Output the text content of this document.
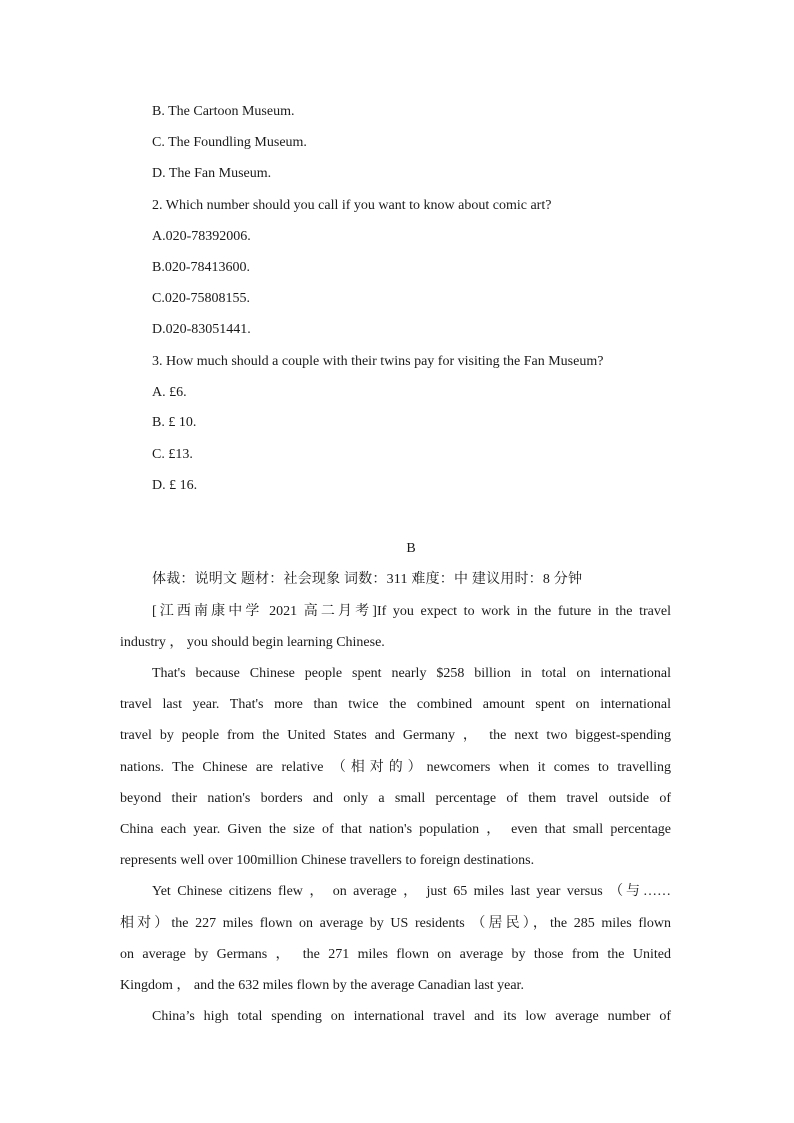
B. The Cartoon Museum.
C. The Foundling Museum.
D. The Fan Museum.
2. Which number should you call if you want to know about comic art?
A.020-78392006.
B.020-78413600.
C.020-75808155.
D.020-83051441.
3. How much should a couple with their twins pay for visiting the Fan Museum?
A. £6.
B. £ 10.
C. £13.
D. £ 16.
B
体裁：说明文 题材：社会现象 词数：311 难度：中 建议用时：8 分钟
[江西南康中学 2021 高二月考]If you expect to work in the future in the travel
industry ， you should begin learning Chinese.
That's because Chinese people spent nearly $258 billion in total on international
travel last year. That's more than twice the combined amount spent on international
travel by people from the United States and Germany ， the next two biggest-spending
nations. The Chinese are relative （相对的）newcomers when it comes to travelling
beyond their nation's borders and only a small percentage of them travel outside of
China each year. Given the size of that nation's population ， even that small percentage
represents well over 100million Chinese travellers to foreign destinations.
Yet Chinese citizens flew ， on average ， just 65 miles last year versus （与……
相对）the 227 miles flown on average by US residents （居民），the 285 miles flown
on average by Germans ， the 271 miles flown on average by those from the United
Kingdom ， and the 632 miles flown by the average Canadian last year.
China’s high total spending on international travel and its low average number of
